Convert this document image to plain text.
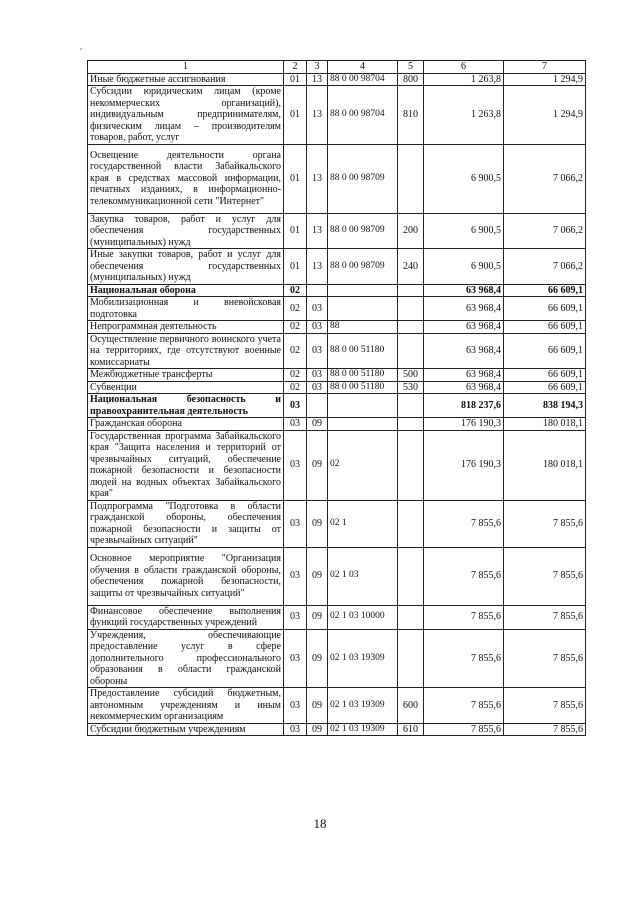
1	2	3	4	5	6	7
Иные бюджетные ассигнования	01	13	88 0 00 98704	800	1 263,8	1 294,9
Субсидии юридическим лицам (кроме некоммерческих организаций), индивидуальным предпринимателям, физическим лицам – производителям товаров, работ, услуг	01	13	88 0 00 98704	810	1 263,8	1 294,9
Освещение деятельности органа государственной власти Забайкальского края в средствах массовой информации, печатных изданиях, в информационно-телекоммуникационной сети "Интернет"	01	13	88 0 00 98709		6 900,5	7 066,2
Закупка товаров, работ и услуг для обеспечения государственных (муниципальных) нужд	01	13	88 0 00 98709	200	6 900,5	7 066,2
Иные закупки товаров, работ и услуг для обеспечения государственных (муниципальных) нужд	01	13	88 0 00 98709	240	6 900,5	7 066,2
Национальная оборона	02				63 968,4	66 609,1
Мобилизационная и вневойсковая подготовка	02	03			63 968,4	66 609,1
Непрограммная деятельность	02	03	88		63 968,4	66 609,1
Осуществление первичного воинского учета на территориях, где отсутствуют военные комиссариаты	02	03	88 0 00 51180		63 968,4	66 609,1
Межбюджетные трансферты	02	03	88 0 00 51180	500	63 968,4	66 609,1
Субвенции	02	03	88 0 00 51180	530	63 968,4	66 609,1
Национальная безопасность и правоохранительная деятельность	03				818 237,6	838 194,3
Гражданская оборона	03	09			176 190,3	180 018,1
Государственная программа Забайкальского края "Защита населения и территорий от чрезвычайных ситуаций, обеспечение пожарной безопасности и безопасности людей на водных объектах Забайкальского края"	03	09	02		176 190,3	180 018,1
Подпрограмма "Подготовка в области гражданской обороны, обеспечения пожарной безопасности и защиты от чрезвычайных ситуаций"	03	09	02 1		7 855,6	7 855,6
Основное мероприятие "Организация обучения в области гражданской обороны, обеспечения пожарной безопасности, защиты от чрезвычайных ситуаций"	03	09	02 1 03		7 855,6	7 855,6
Финансовое обеспечение выполнения функций государственных учреждений	03	09	02 1 03 10000		7 855,6	7 855,6
Учреждения, обеспечивающие предоставление услуг в сфере дополнительного профессионального образования в области гражданской обороны	03	09	02 1 03 19309		7 855,6	7 855,6
Предоставление субсидий бюджетным, автономным учреждениям и иным некоммерческим организациям	03	09	02 1 03 19309	600	7 855,6	7 855,6
Субсидии бюджетным учреждениям	03	09	02 1 03 19309	610	7 855,6	7 855,6
18
